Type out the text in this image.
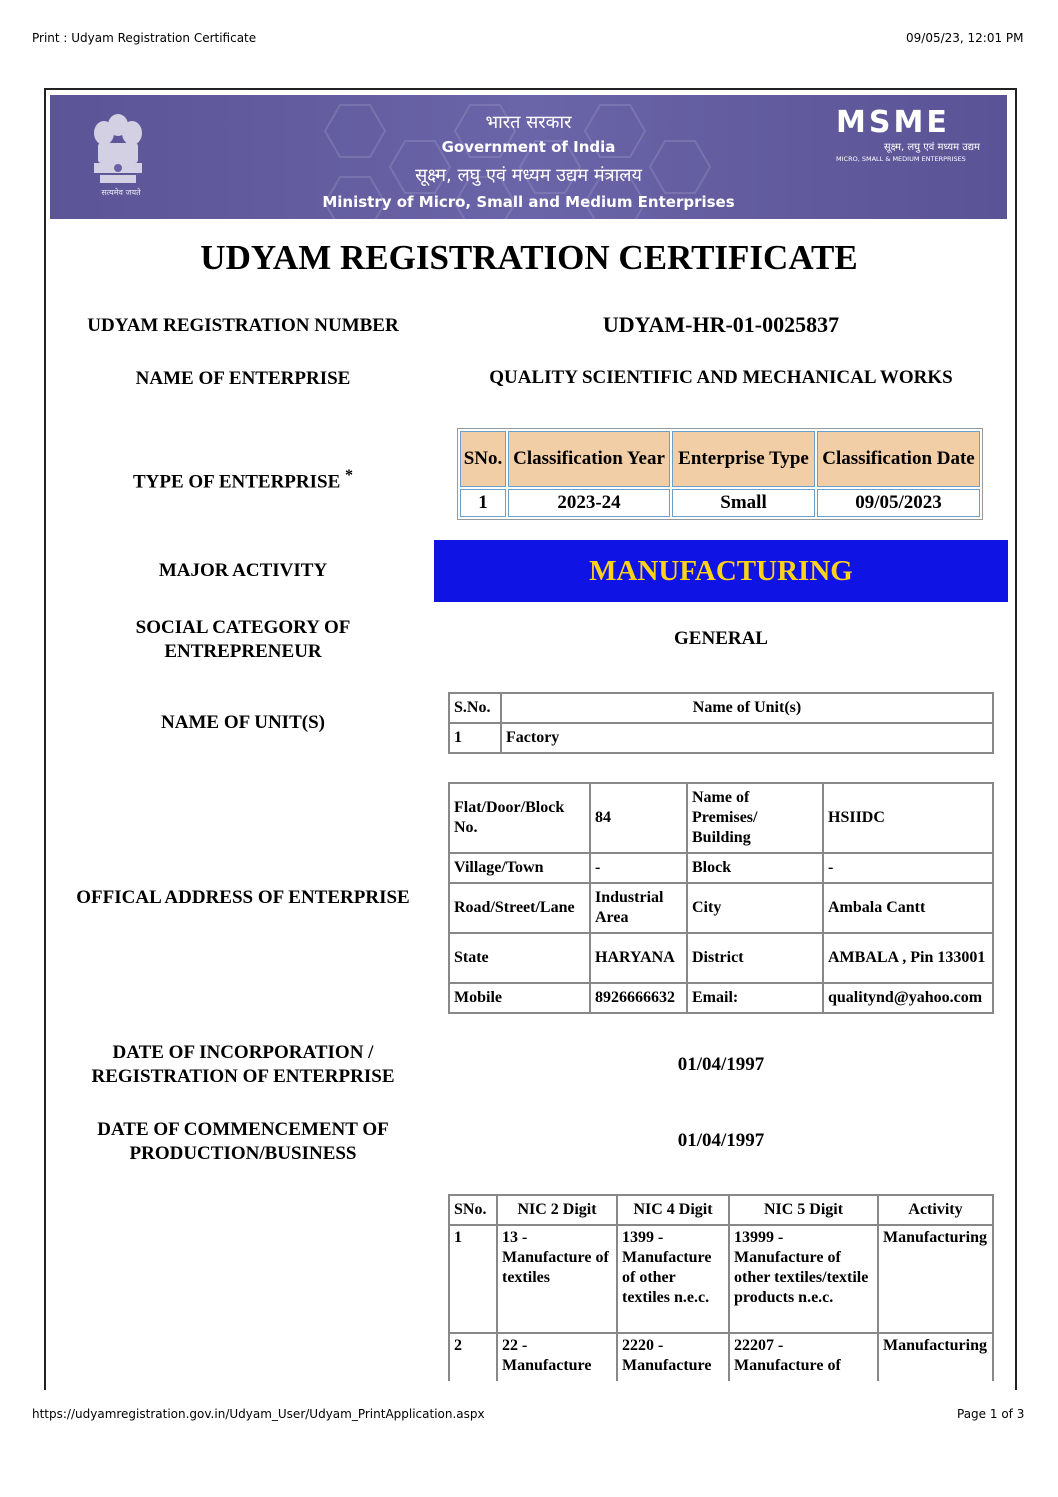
Print : Udyam Registration Certificate	09/05/23, 12:01 PM
सत्यमेव जयते
भारत सरकार
Government of India
सूक्ष्म, लघु एवं मध्यम उद्यम मंत्रालय
Ministry of Micro, Small and Medium Enterprises
MSME
सूक्ष्म, लघु एवं मध्यम उद्यम
MICRO, SMALL & MEDIUM ENTERPRISES
UDYAM REGISTRATION CERTIFICATE
UDYAM REGISTRATION NUMBER	UDYAM-HR-01-0025837
NAME OF ENTERPRISE	QUALITY SCIENTIFIC AND MECHANICAL WORKS
TYPE OF ENTERPRISE *
SNo.	Classification Year	Enterprise Type	Classification Date
1	2023-24	Small	09/05/2023
MAJOR ACTIVITY	MANUFACTURING
SOCIAL CATEGORY OF
ENTREPRENEUR
GENERAL
NAME OF UNIT(S)
S.No.	Name of Unit(s)
1	Factory
OFFICAL ADDRESS OF ENTERPRISE
Flat/Door/Block No.	84	Name of Premises/ Building	HSIIDC
Village/Town	-	Block	-
Road/Street/Lane	Industrial Area	City	Ambala Cantt
State	HARYANA	District	AMBALA , Pin 133001
Mobile	8926666632	Email:	qualitynd@yahoo.com
DATE OF INCORPORATION /
REGISTRATION OF ENTERPRISE
01/04/1997
DATE OF COMMENCEMENT OF
PRODUCTION/BUSINESS
01/04/1997
SNo.	NIC 2 Digit	NIC 4 Digit	NIC 5 Digit	Activity
1	13 - Manufacture of textiles	1399 - Manufacture of other textiles n.e.c.	13999 - Manufacture of other textiles/textile products n.e.c.	Manufacturing
2	22 - Manufacture	2220 - Manufacture	22207 - Manufacture of	Manufacturing
https://udyamregistration.gov.in/Udyam_User/Udyam_PrintApplication.aspx	Page 1 of 3
